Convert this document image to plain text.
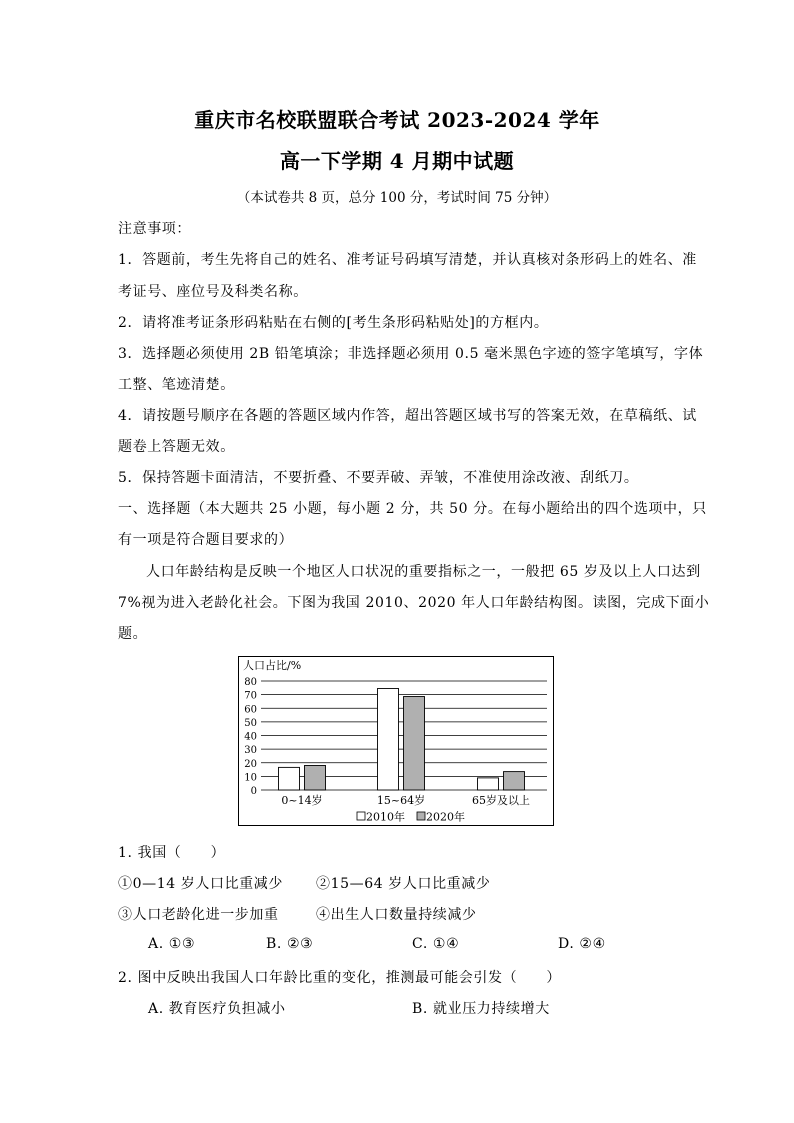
重庆市名校联盟联合考试 2023-2024 学年
高一下学期 4 月期中试题
（本试卷共 8 页，总分 100 分，考试时间 75 分钟）
注意事项：
1．答题前，考生先将自己的姓名、准考证号码填写清楚，并认真核对条形码上的姓名、准
考证号、座位号及科类名称。
2．请将准考证条形码粘贴在右侧的[考生条形码粘贴处]的方框内。
3．选择题必须使用 2B 铅笔填涂；非选择题必须用 0.5 毫米黑色字迹的签字笔填写，字体
工整、笔迹清楚。
4．请按题号顺序在各题的答题区域内作答，超出答题区域书写的答案无效，在草稿纸、试
题卷上答题无效。
5．保持答题卡面清洁，不要折叠、不要弄破、弄皱，不准使用涂改液、刮纸刀。
一、选择题（本大题共 25 小题，每小题 2 分，共 50 分。在每小题给出的四个选项中，只
有一项是符合题目要求的）
人口年龄结构是反映一个地区人口状况的重要指标之一，一般把 65 岁及以上人口达到
7%视为进入老龄化社会。下图为我国 2010、2020 年人口年龄结构图。读图，完成下面小
题。
人口占比/%
0
10
20
30
40
50
60
70
80
0~14岁	15~64岁	65岁及以上
2010年 2020年
1. 我国（　　）
①0—14 岁人口比重减少 ②15—64 岁人口比重减少
③人口老龄化进一步加重	④出生人口数量持续减少
A. ①③	B. ②③	C. ①④	D. ②④
2. 图中反映出我国人口年龄比重的变化，推测最可能会引发（　　）
A. 教育医疗负担减小	B. 就业压力持续增大
